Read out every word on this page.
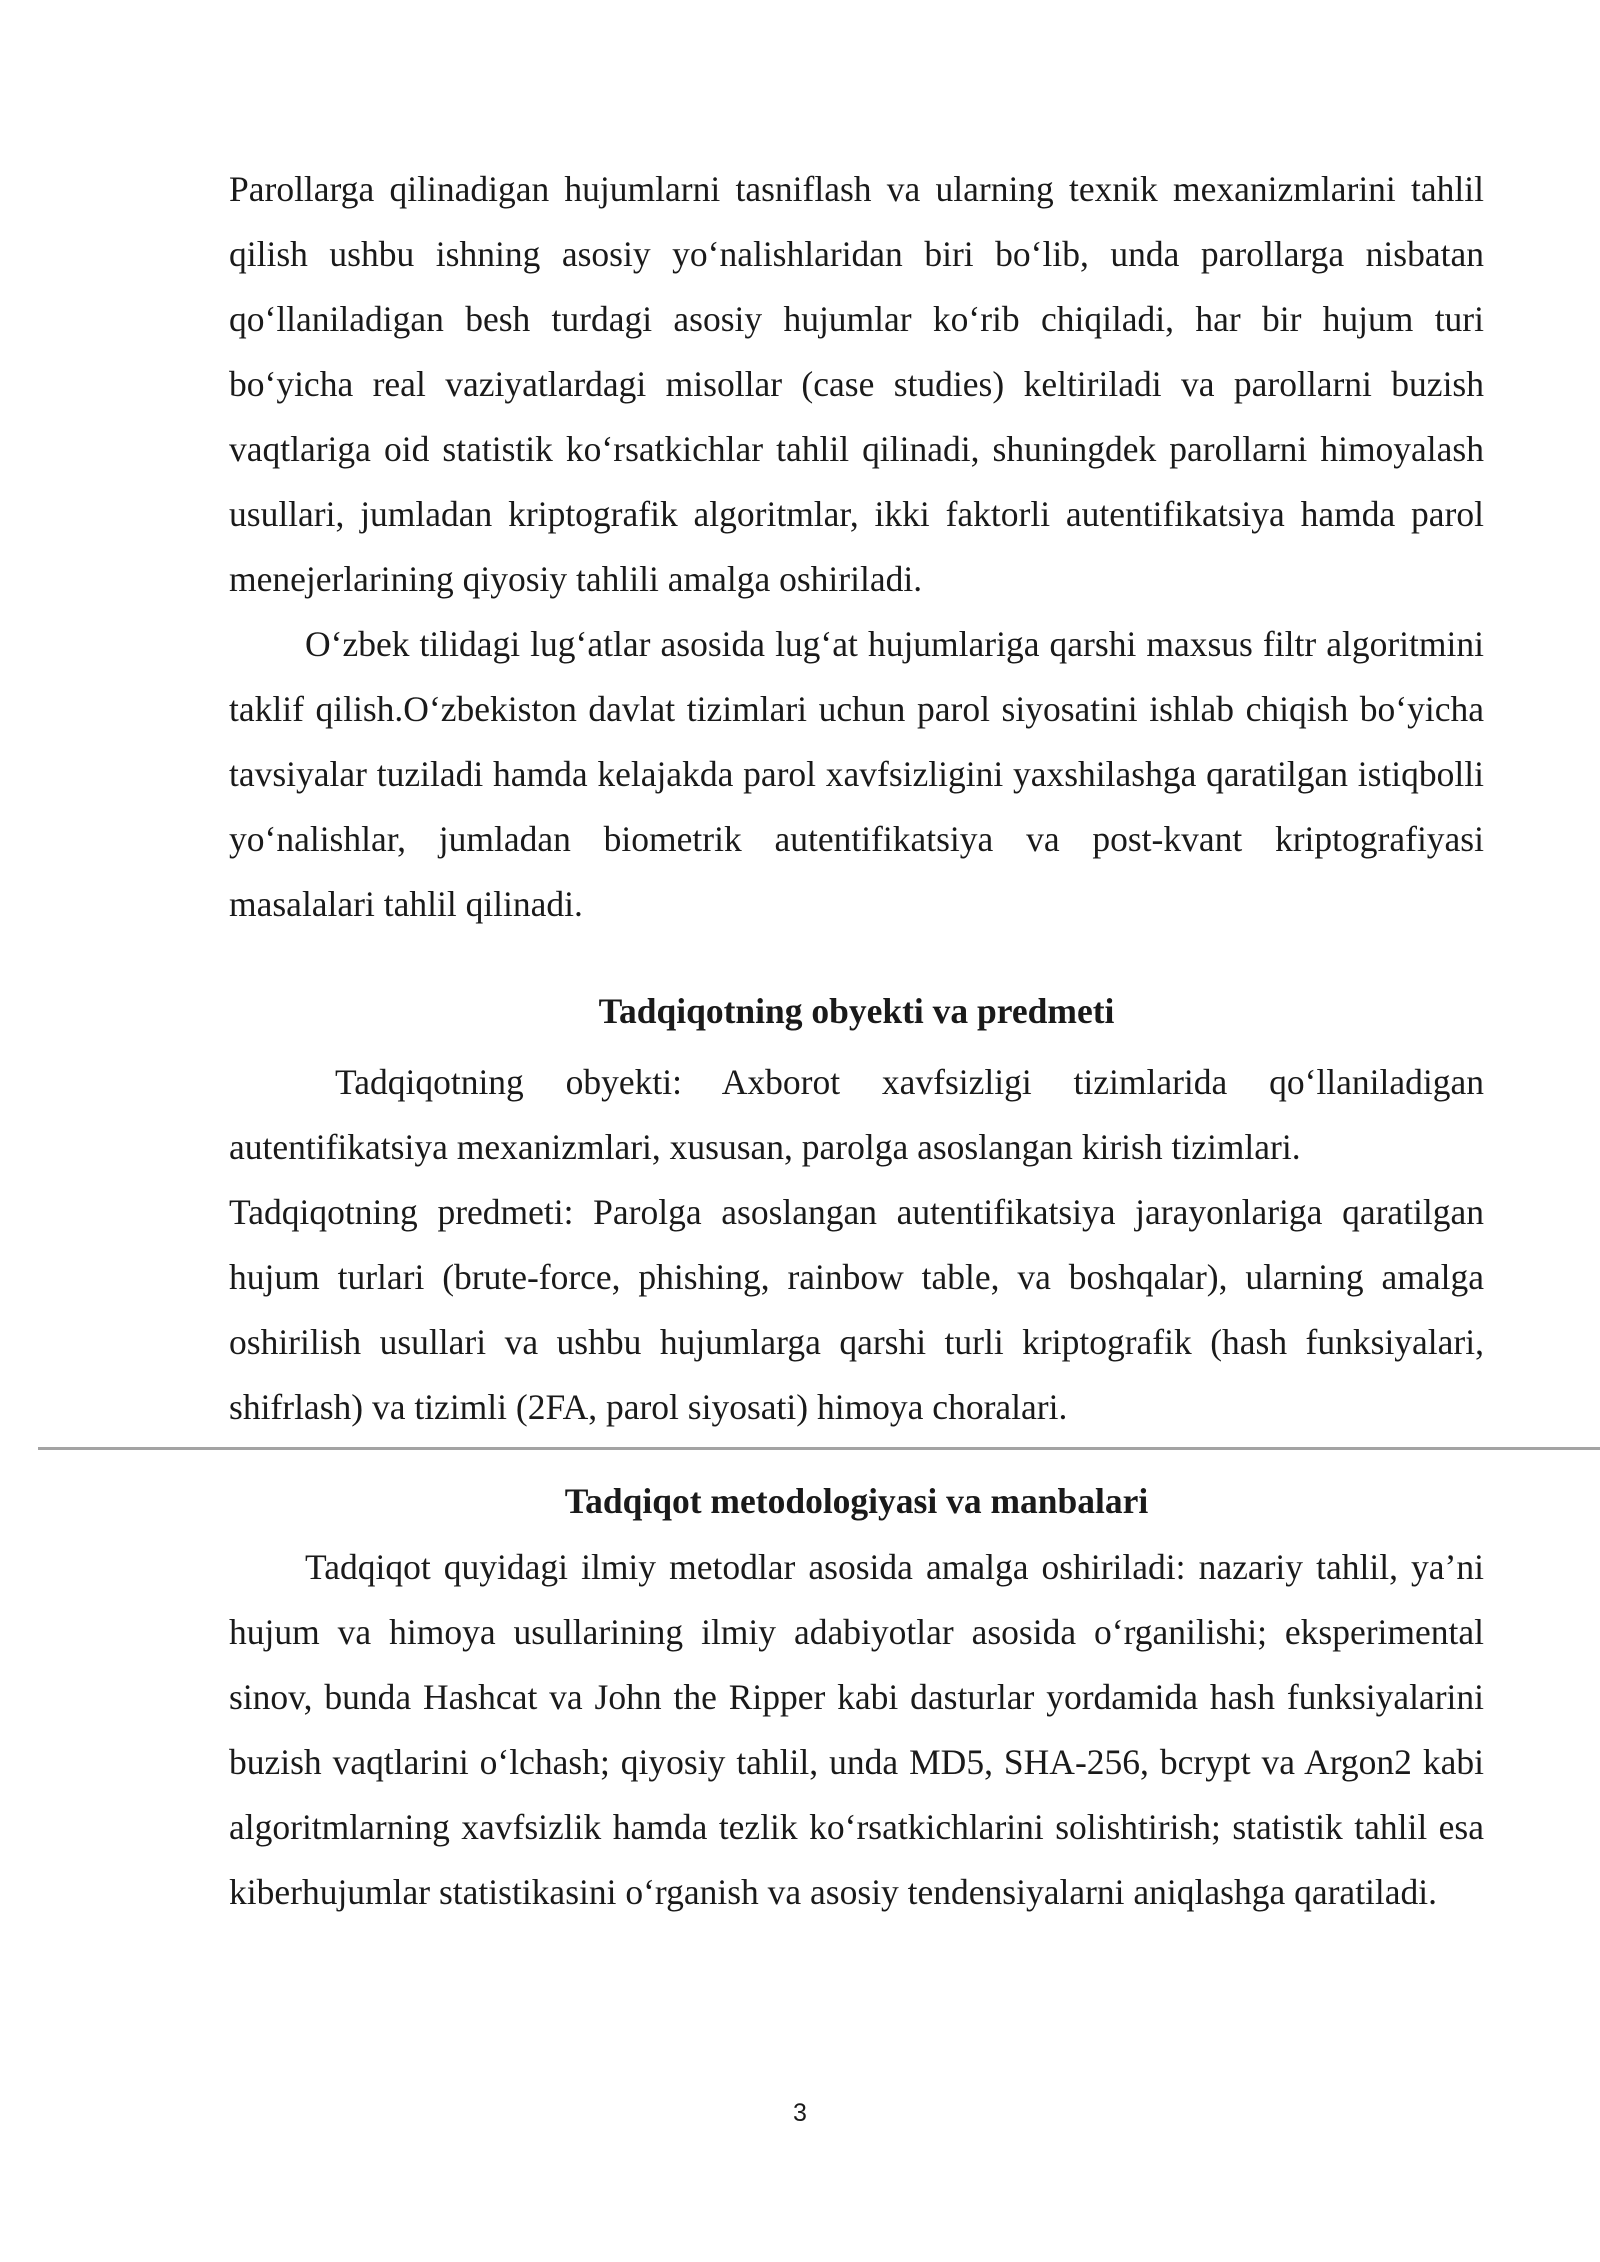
Parollarga qilinadigan hujumlarni tasniflash va ularning texnik mexanizmlarini tahlil qilish ushbu ishning asosiy yo‘nalishlaridan biri bo‘lib, unda parollarga nisbatan qo‘llaniladigan besh turdagi asosiy hujumlar ko‘rib chiqiladi, har bir hujum turi bo‘yicha real vaziyatlardagi misollar (case studies) keltiriladi va parollarni buzish vaqtlariga oid statistik ko‘rsatkichlar tahlil qilinadi, shuningdek parollarni himoyalash usullari, jumladan kriptografik algoritmlar, ikki faktorli autentifikatsiya hamda parol menejerlarining qiyosiy tahlili amalga oshiriladi.

O‘zbek tilidagi lug‘atlar asosida lug‘at hujumlariga qarshi maxsus filtr algoritmini taklif qilish.O‘zbekiston davlat tizimlari uchun parol siyosatini ishlab chiqish bo‘yicha tavsiyalar tuziladi hamda kelajakda parol xavfsizligini yaxshilashga qaratilgan istiqbolli yo‘nalishlar, jumladan biometrik autentifikatsiya va post-kvant kriptografiyasi masalalari tahlil qilinadi.

Tadqiqotning obyekti va predmeti

Tadqiqotning obyekti: Axborot xavfsizligi tizimlarida qo‘llaniladigan autentifikatsiya mexanizmlari, xususan, parolga asoslangan kirish tizimlari.

Tadqiqotning predmeti: Parolga asoslangan autentifikatsiya jarayonlariga qaratilgan hujum turlari (brute-force, phishing, rainbow table, va boshqalar), ularning amalga oshirilish usullari va ushbu hujumlarga qarshi turli kriptografik (hash funksiyalari, shifrlash) va tizimli (2FA, parol siyosati) himoya choralari.

Tadqiqot metodologiyasi va manbalari

Tadqiqot quyidagi ilmiy metodlar asosida amalga oshiriladi: nazariy tahlil, ya’ni hujum va himoya usullarining ilmiy adabiyotlar asosida o‘rganilishi; eksperimental sinov, bunda Hashcat va John the Ripper kabi dasturlar yordamida hash funksiyalarini buzish vaqtlarini o‘lchash; qiyosiy tahlil, unda MD5, SHA-256, bcrypt va Argon2 kabi algoritmlarning xavfsizlik hamda tezlik ko‘rsatkichlarini solishtirish; statistik tahlil esa kiberhujumlar statistikasini o‘rganish va asosiy tendensiyalarni aniqlashga qaratiladi.

3
